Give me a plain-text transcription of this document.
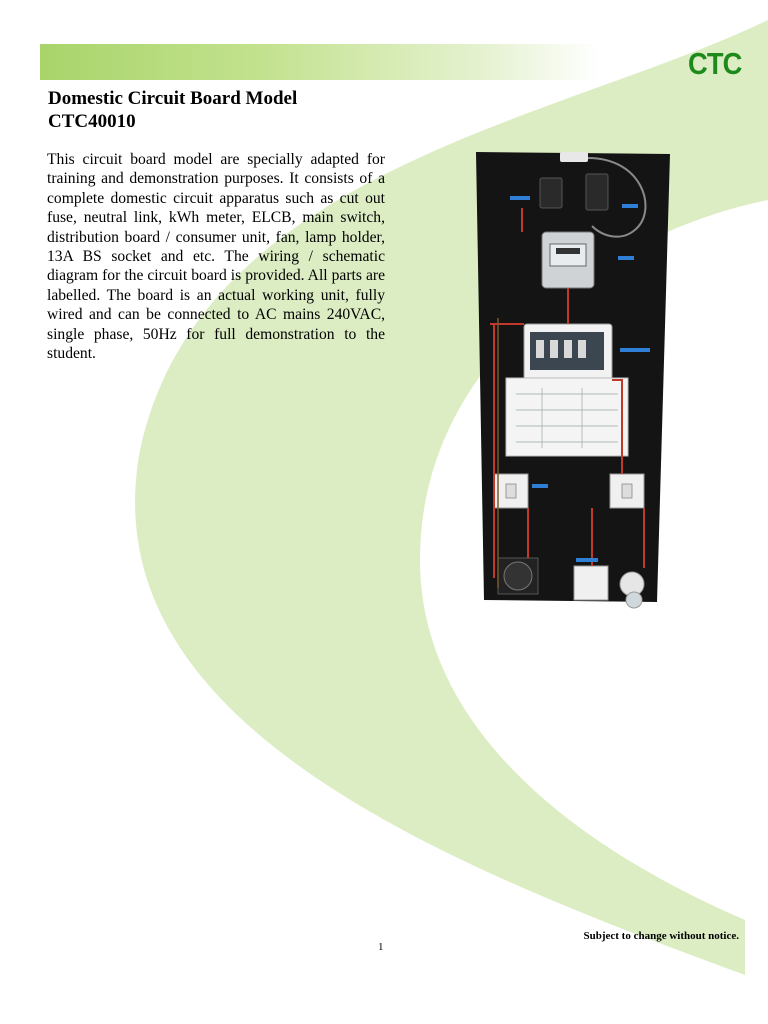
CTC
Domestic Circuit Board Model
CTC40010

This circuit board model are specially adapted for training and demonstration purposes. It consists of a complete domestic circuit apparatus such as cut out fuse, neutral link, kWh meter, ELCB, main switch, distribution board / consumer unit, fan, lamp holder, 13A BS socket and etc. The wiring / schematic diagram for the circuit board is provided. All parts are labelled. The board is an actual working unit, fully wired and can be connected to AC mains 240VAC, single phase, 50Hz for full demonstration to the student.

1
Subject to change without notice.
